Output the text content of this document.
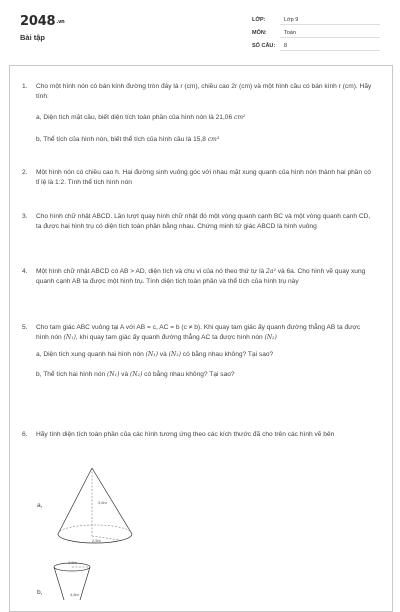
2048.vn
Bài tập
LỚP:	Lớp 9
MÔN:	Toán
SỐ CÂU: 8
1. Cho một hình nón có bán kính đường tròn đáy là r (cm), chiều cao 2r (cm) và một hình cầu có bán kính r (cm). Hãy tính:
a, Diện tích mặt cầu, biết diện tích toàn phần của hình nón là 21,06 cm²
b, Thể tích của hình nón, biết thể tích của hình cầu là 15,8 cm³
2. Một hình nón có chiều cao h. Hai đường sinh vuông góc với nhau mặt xung quanh của hình nón thành hai phần có tỉ lệ là 1:2. Tính thể tích hình nón
3. Cho hình chữ nhật ABCD. Lần lượt quay hình chữ nhật đó một vòng quanh cạnh BC và một vòng quanh cạnh CD, ta được hai hình trụ có diện tích toàn phần bằng nhau. Chứng minh tứ giác ABCD là hình vuông
4. Một hình chữ nhật ABCD có AB > AD, diện tích và chu vi của nó theo thứ tự là 2a² và 6a. Cho hình vẽ quay xung quanh cạnh AB ta được một hình trụ. Tính diện tích toàn phần và thể tích của hình trụ này
5. Cho tam giác ABC vuông tại A với AB = c, AC = b (c ≠ b). Khi quay tam giác ấy quanh đường thẳng AB ta được hình nón (N₁), khi quay tam giác ấy quanh đường thẳng AC ta được hình nón (N₂)
a, Diện tích xung quanh hai hình nón (N₁) và (N₂) có bằng nhau không? Tại sao?
b, Thể tích hai hình nón (N₁) và (N₂) có bằng nhau không? Tại sao?
6. Hãy tính diện tích toàn phần của các hình tương ứng theo các kích thước đã cho trên các hình vẽ bên
a,	3,6m
2,5m
b,
1,8m
4,8m
